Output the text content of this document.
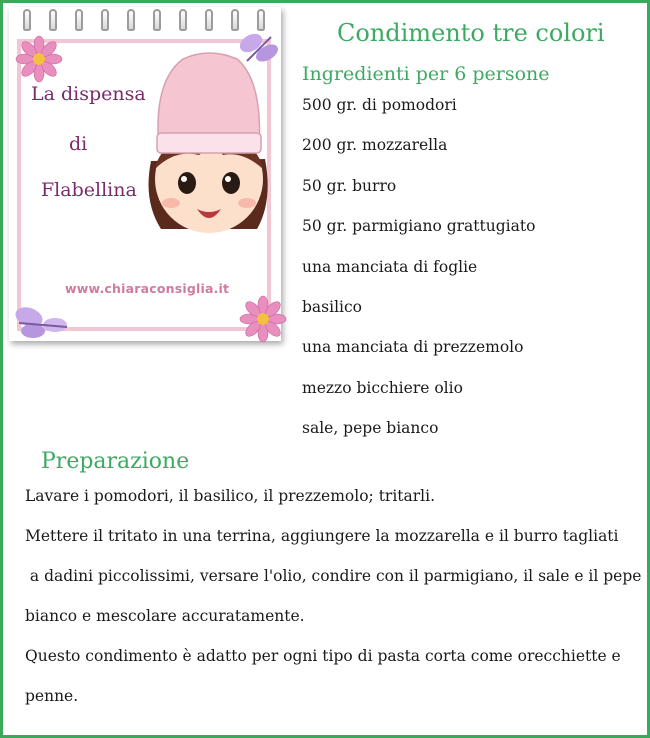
La dispensa
di
Flabellina
www.chiaraconsiglia.it
Condimento tre colori
Ingredienti per 6 persone
500 gr. di pomodori
200 gr. mozzarella
50 gr. burro
50 gr. parmigiano grattugiato
una manciata di foglie
basilico
una manciata di prezzemolo
mezzo bicchiere olio
sale, pepe bianco
Preparazione

Lavare i pomodori, il basilico, il prezzemolo; tritarli.

Mettere il tritato in una terrina, aggiungere la mozzarella e il burro tagliati

a dadini piccolissimi, versare l'olio, condire con il parmigiano, il sale e il pepe

bianco e mescolare accuratamente.

Questo condimento è adatto per ogni tipo di pasta corta come orecchiette e

penne.
